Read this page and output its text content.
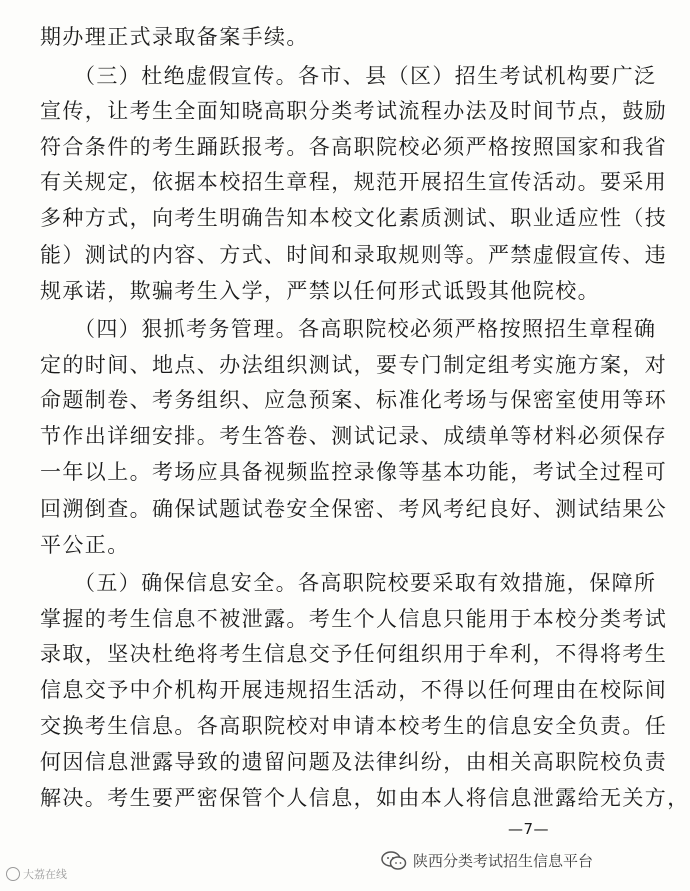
期办理正式录取备案手续。
（三）杜绝虚假宣传。各市、县（区）招生考试机构要广泛
宣传，让考生全面知晓高职分类考试流程办法及时间节点，鼓励
符合条件的考生踊跃报考。各高职院校必须严格按照国家和我省
有关规定，依据本校招生章程，规范开展招生宣传活动。要采用
多种方式，向考生明确告知本校文化素质测试、职业适应性（技
能）测试的内容、方式、时间和录取规则等。严禁虚假宣传、违
规承诺，欺骗考生入学，严禁以任何形式诋毁其他院校。
（四）狠抓考务管理。各高职院校必须严格按照招生章程确
定的时间、地点、办法组织测试，要专门制定组考实施方案，对
命题制卷、考务组织、应急预案、标准化考场与保密室使用等环
节作出详细安排。考生答卷、测试记录、成绩单等材料必须保存
一年以上。考场应具备视频监控录像等基本功能，考试全过程可
回溯倒查。确保试题试卷安全保密、考风考纪良好、测试结果公
平公正。
（五）确保信息安全。各高职院校要采取有效措施，保障所
掌握的考生信息不被泄露。考生个人信息只能用于本校分类考试
录取，坚决杜绝将考生信息交予任何组织用于牟利，不得将考生
信息交予中介机构开展违规招生活动，不得以任何理由在校际间
交换考生信息。各高职院校对申请本校考生的信息安全负责。任
何因信息泄露导致的遗留问题及法律纠纷，由相关高职院校负责
解决。考生要严密保管个人信息，如由本人将信息泄露给无关方，
—7—
大荔在线
陕西分类考试招生信息平台
